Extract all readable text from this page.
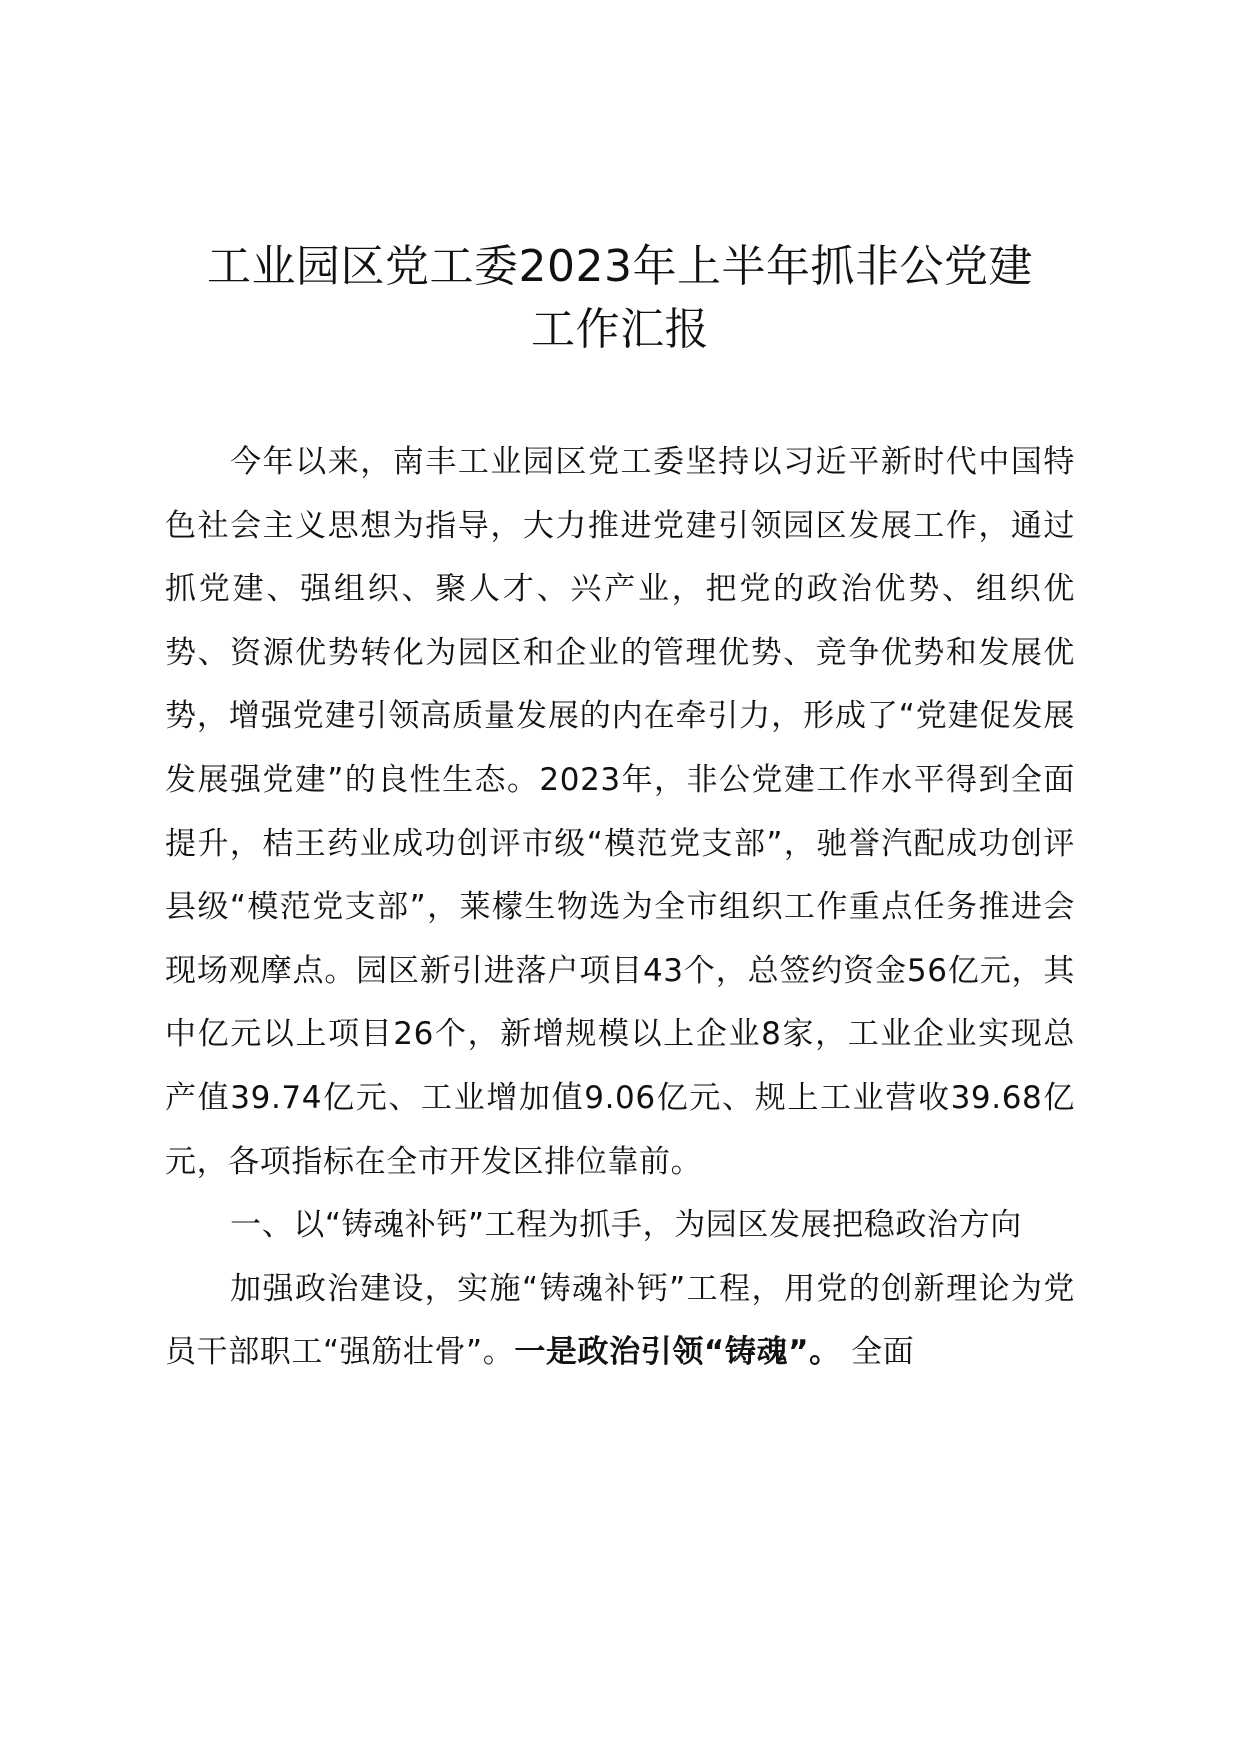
工业园区党工委2023年上半年抓非公党建
工作汇报

今年以来，南丰工业园区党工委坚持以习近平新时代中国特色社会主义思想为指导，大力推进党建引领园区发展工作，通过抓党建、强组织、聚人才、兴产业，把党的政治优势、组织优势、资源优势转化为园区和企业的管理优势、竞争优势和发展优势，增强党建引领高质量发展的内在牵引力，形成了“党建促发展 发展强党建”的良性生态。2023年，非公党建工作水平得到全面提升，桔王药业成功创评市级“模范党支部”，驰誉汽配成功创评县级“模范党支部”，莱檬生物选为全市组织工作重点任务推进会现场观摩点。园区新引进落户项目43个，总签约资金56亿元，其中亿元以上项目26个，新增规模以上企业8家，工业企业实现总产值39.74亿元、工业增加值9.06亿元、规上工业营收39.68亿元，各项指标在全市开发区排位靠前。

一、以“铸魂补钙”工程为抓手，为园区发展把稳政治方向

加强政治建设，实施“铸魂补钙”工程，用党的创新理论为党员干部职工“强筋壮骨”。一是政治引领“铸魂”。 全面
